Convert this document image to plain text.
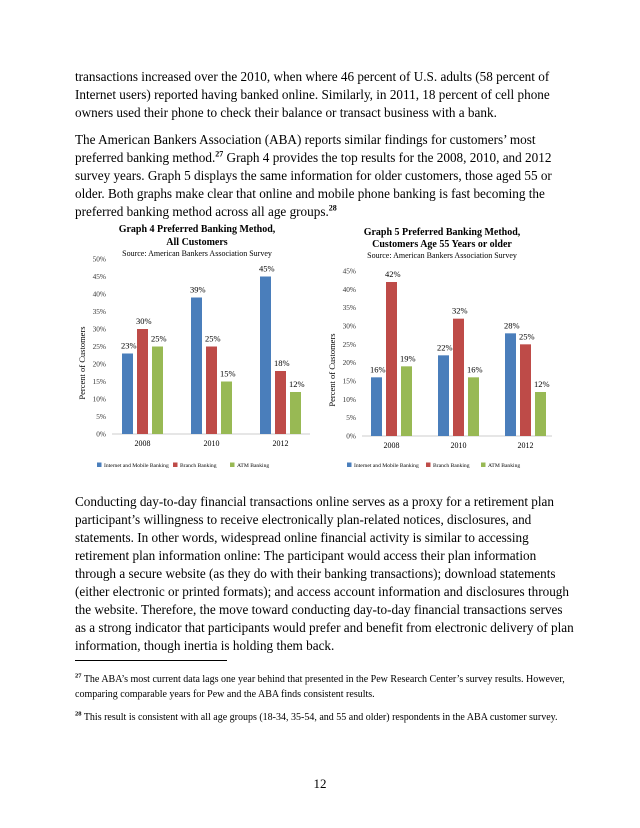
transactions increased over the 2010, when where 46 percent of U.S. adults (58 percent of Internet users) reported having banked online. Similarly, in 2011, 18 percent of cell phone owners used their phone to check their balance or transact business with a bank.

The American Bankers Association (ABA) reports similar findings for customers’ most preferred banking method.$^{27}$ Graph 4 provides the top results for the 2008, 2010, and 2012 survey years. Graph 5 displays the same information for older customers, those aged 55 or older. Both graphs make clear that online and mobile phone banking is fast becoming the preferred banking method across all age groups.$^{28}$

Graph 4 Preferred Banking Method,
All Customers
Source: American Bankers Association Survey
Percent of Customers
0%
5%
10%
15%
20%
25%
30%
35%
40%
45%
50%
23%
30%
25%
2008
39%
25%
15%
2010
45%
18%
12%
2012
Internet and Mobile Banking Branch Banking	ATM Banking
Graph 5 Preferred Banking Method,
Customers Age 55 Years or older
Source: American Bankers Association Survey
Percent of Customers
0%
5%
10%
15%
20%
25%
30%
35%
40%
45%
16%
42%
19%
2008
22%
32%
16%
2010
28%
25%
12%
2012
Internet and Mobile Banking	Branch Banking	ATM Banking

Conducting day-to-day financial transactions online serves as a proxy for a retirement plan participant’s willingness to receive electronically plan-related notices, disclosures, and statements. In other words, widespread online financial activity is similar to accessing retirement plan information online: The participant would access their plan information through a secure website (as they do with their banking transactions); download statements (either electronic or printed formats); and access account information and disclosures through the website. Therefore, the move toward conducting day-to-day financial transactions serves as a strong indicator that participants would prefer and benefit from electronic delivery of plan information, though inertia is holding them back.

$^{27}$ The ABA’s most current data lags one year behind that presented in the Pew Research Center’s survey results. However, comparing comparable years for Pew and the ABA finds consistent results.

$^{28}$ This result is consistent with all age groups (18-34, 35-54, and 55 and older) respondents in the ABA customer survey.

12
